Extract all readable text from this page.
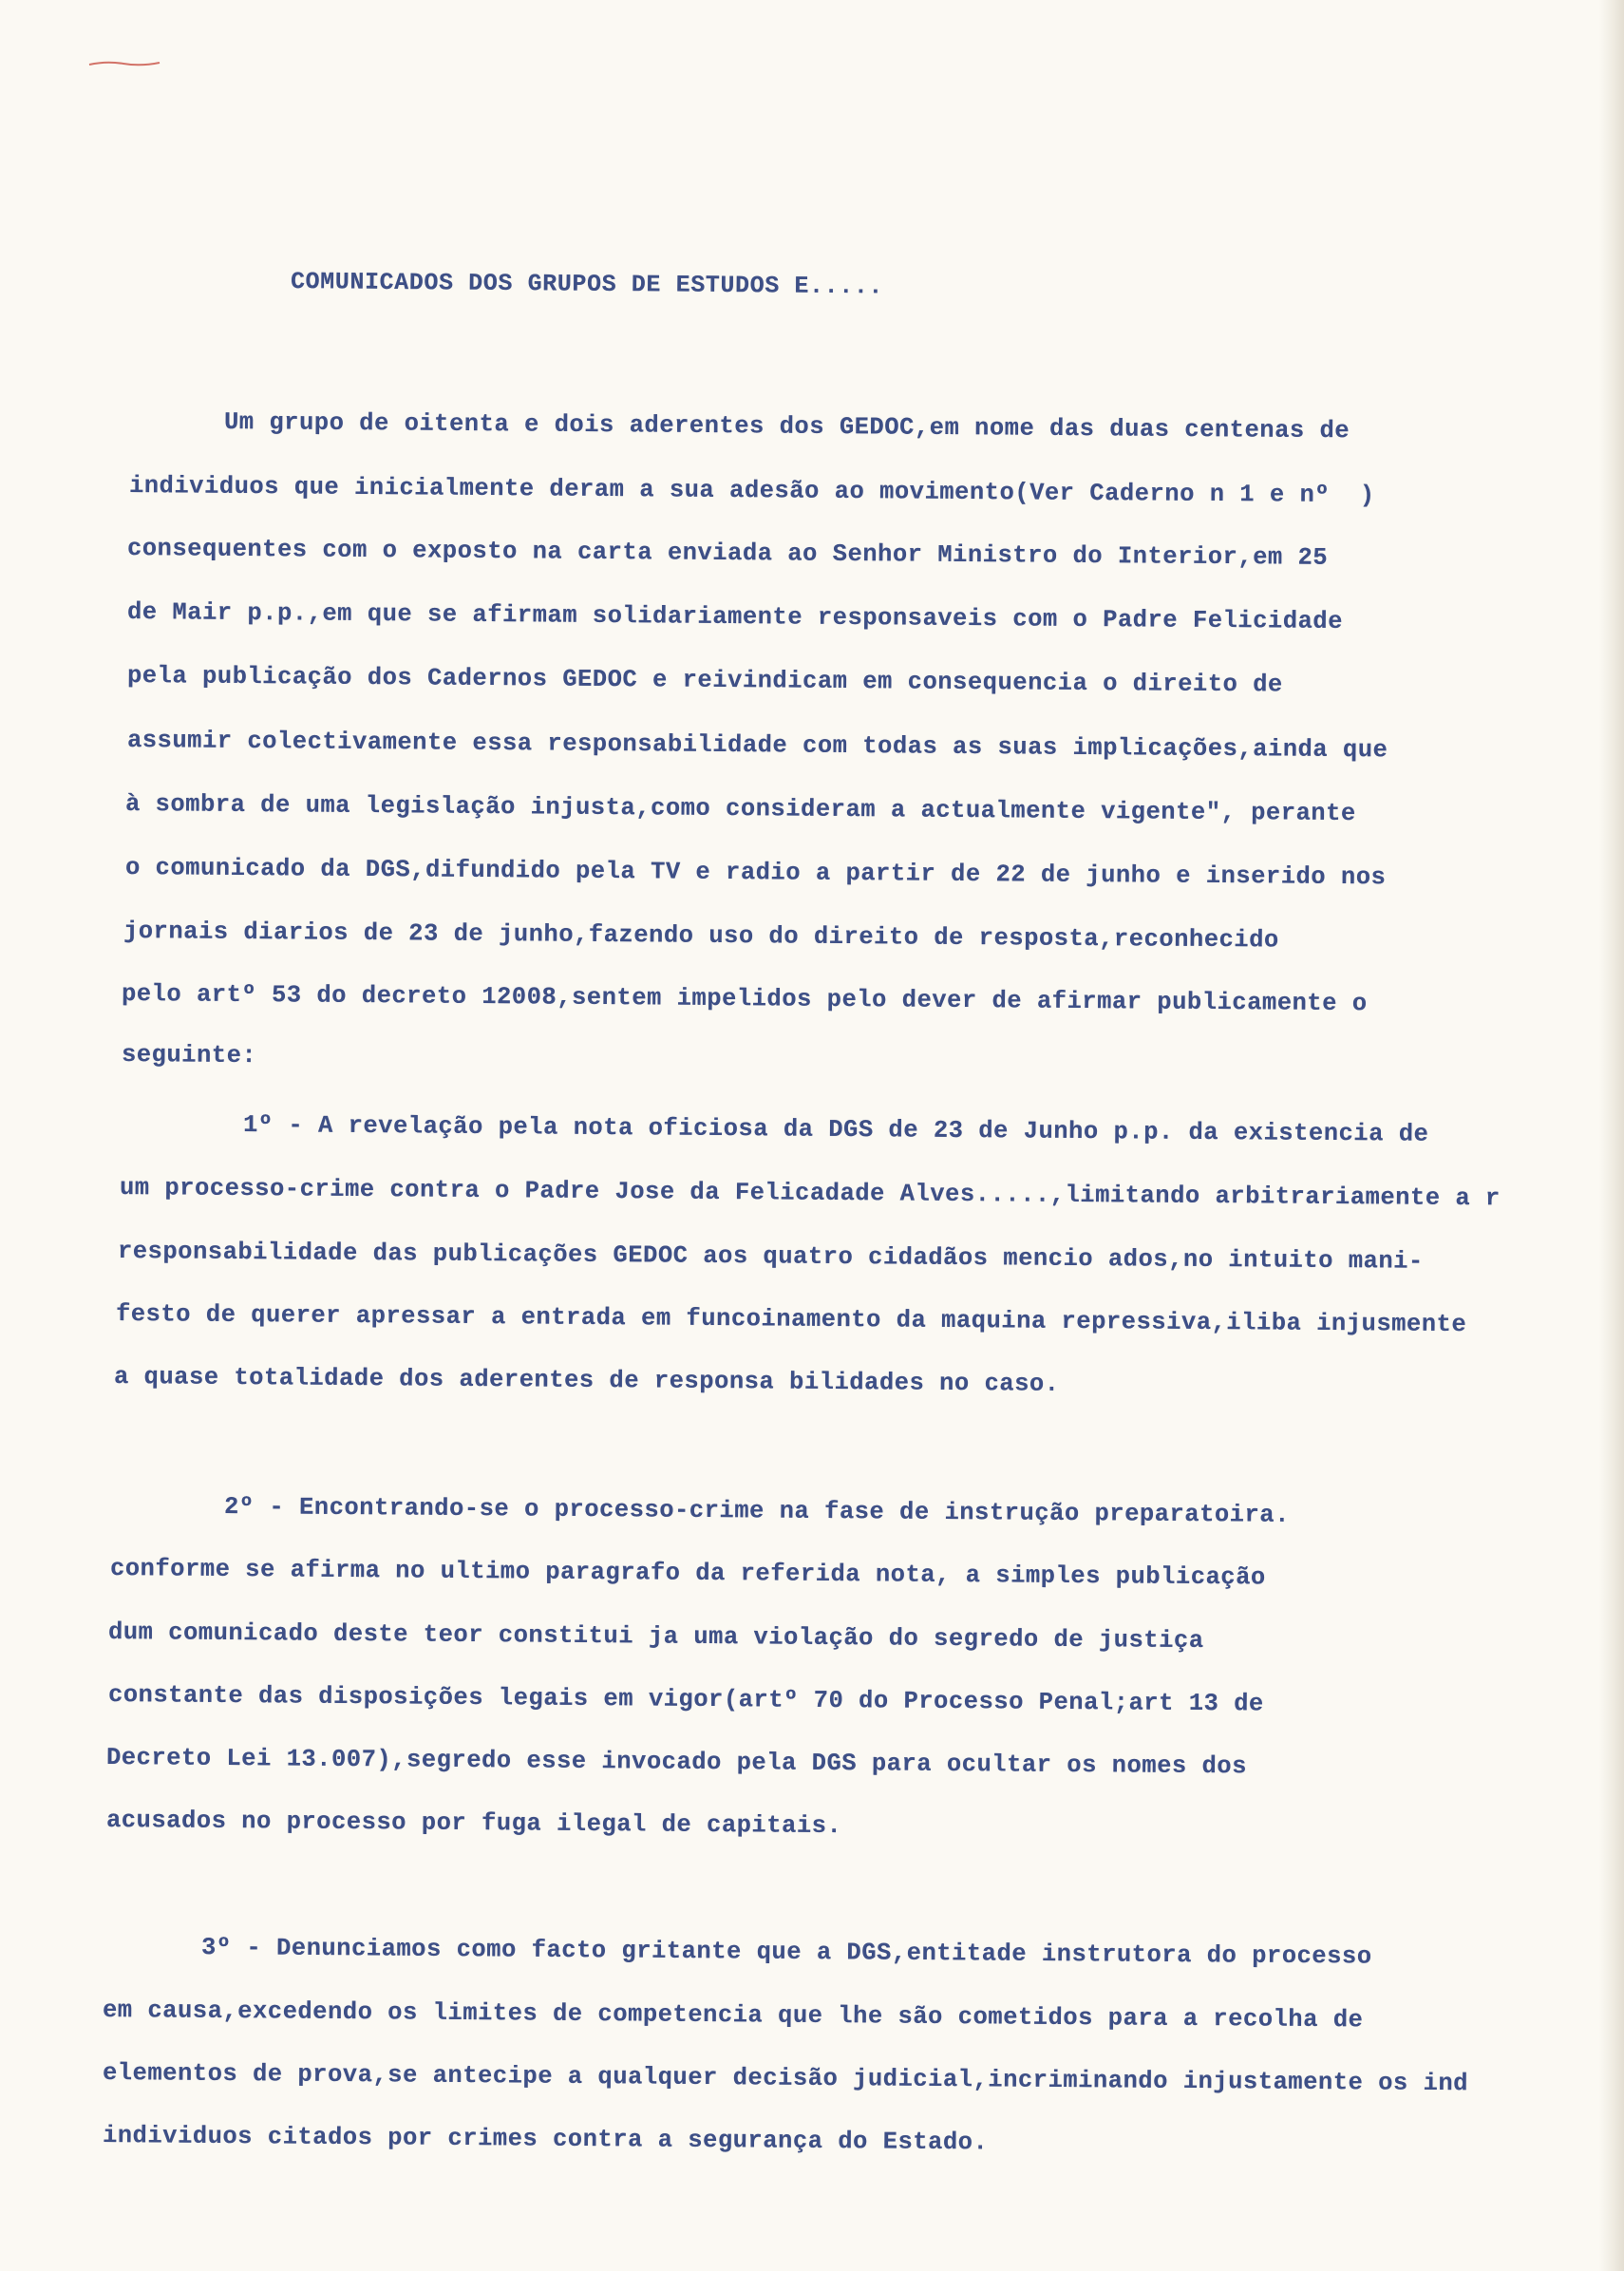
COMUNICADOS DOS GRUPOS DE ESTUDOS E.....
Um grupo de oitenta e dois aderentes dos GEDOC,em nome das duas centenas de
individuos que inicialmente deram a sua adesão ao movimento(Ver Caderno n 1 e nº  )
consequentes com o exposto na carta enviada ao Senhor Ministro do Interior,em 25
de Mair p.p.,em que se afirmam solidariamente responsaveis com o Padre Felicidade
pela publicação dos Cadernos GEDOC e reivindicam em consequencia o direito de
assumir colectivamente essa responsabilidade com todas as suas implicações,ainda que
à sombra de uma legislação injusta,como consideram a actualmente vigente", perante
o comunicado da DGS,difundido pela TV e radio a partir de 22 de junho e inserido nos
jornais diarios de 23 de junho,fazendo uso do direito de resposta,reconhecido
pelo artº 53 do decreto 12008,sentem impelidos pelo dever de afirmar publicamente o
seguinte:
1º - A revelação pela nota oficiosa da DGS de 23 de Junho p.p. da existencia de
um processo-crime contra o Padre Jose da Felicadade Alves.....,limitando arbitrariamente a r
responsabilidade das publicações GEDOC aos quatro cidadãos mencio ados,no intuito mani-
festo de querer apressar a entrada em funcoinamento da maquina repressiva,iliba injusmente
a quase totalidade dos aderentes de responsa bilidades no caso.
2º - Encontrando-se o processo-crime na fase de instrução preparatoira.
conforme se afirma no ultimo paragrafo da referida nota, a simples publicação
dum comunicado deste teor constitui ja uma violação do segredo de justiça
constante das disposições legais em vigor(artº 70 do Processo Penal;art 13 de
Decreto Lei 13.007),segredo esse invocado pela DGS para ocultar os nomes dos
acusados no processo por fuga ilegal de capitais.
3º - Denunciamos como facto gritante que a DGS,entitade instrutora do processo
em causa,excedendo os limites de competencia que lhe são cometidos para a recolha de
elementos de prova,se antecipe a qualquer decisão judicial,incriminando injustamente os ind
individuos citados por crimes contra a segurança do Estado.
